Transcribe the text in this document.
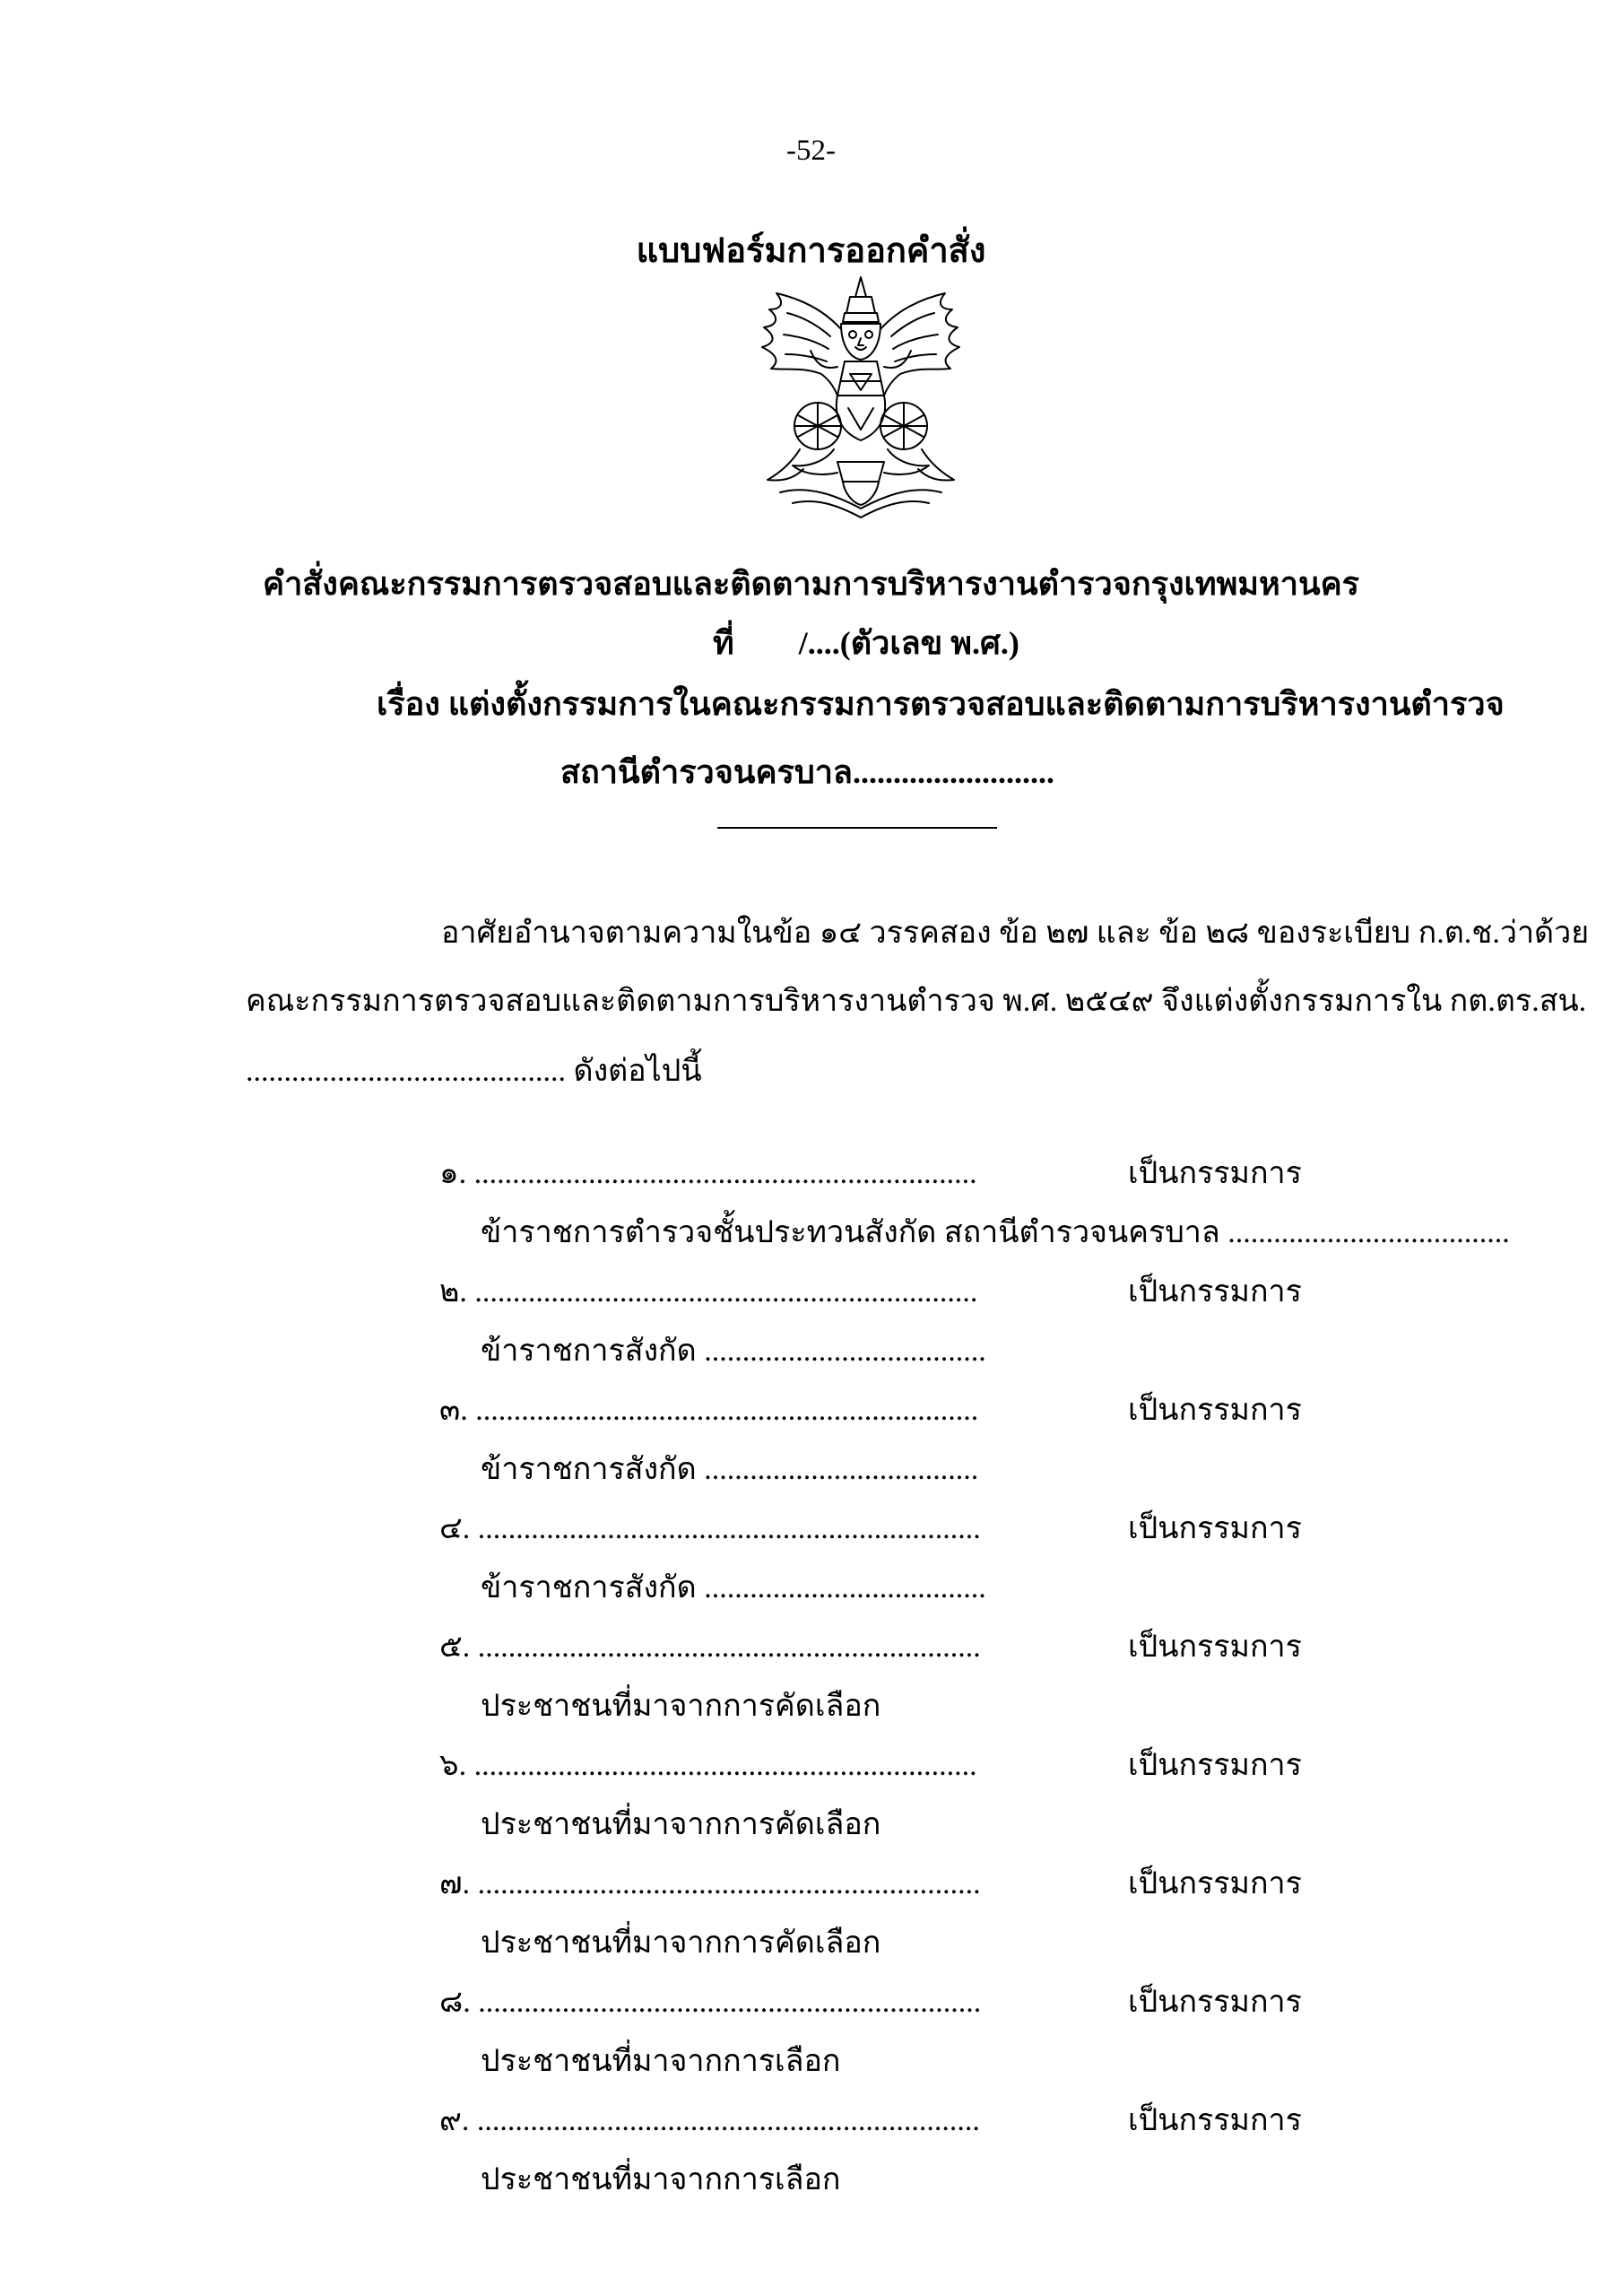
-52-
แบบฟอร์มการออกคำสั่ง
คำสั่งคณะกรรมการตรวจสอบและติดตามการบริหารงานตำรวจกรุงเทพมหานคร
ที่ /....(ตัวเลข พ.ศ.)
เรื่อง แต่งตั้งกรรมการในคณะกรรมการตรวจสอบและติดตามการบริหารงานตำรวจ
สถานีตำรวจนครบาล.........................
อาศัยอำนาจตามความในข้อ ๑๔ วรรคสอง ข้อ ๒๗ และ ข้อ ๒๘ ของระเบียบ ก.ต.ช.ว่าด้วย
คณะกรรมการตรวจสอบและติดตามการบริหารงานตำรวจ พ.ศ. ๒๕๔๙ จึงแต่งตั้งกรรมการใน กต.ตร.สน.
.......................................... ดังต่อไปนี้
๑. ..................................................................	เป็นกรรมการ
ข้าราชการตำรวจชั้นประทวนสังกัด สถานีตำรวจนครบาล .....................................
๒. ..................................................................	เป็นกรรมการ
ข้าราชการสังกัด .....................................
๓. ..................................................................	เป็นกรรมการ
ข้าราชการสังกัด ....................................
๔. ..................................................................	เป็นกรรมการ
ข้าราชการสังกัด .....................................
๕. ..................................................................	เป็นกรรมการ
ประชาชนที่มาจากการคัดเลือก
๖. ..................................................................	เป็นกรรมการ
ประชาชนที่มาจากการคัดเลือก
๗. ..................................................................	เป็นกรรมการ
ประชาชนที่มาจากการคัดเลือก
๘. ..................................................................	เป็นกรรมการ
ประชาชนที่มาจากการเลือก
๙. ..................................................................	เป็นกรรมการ
ประชาชนที่มาจากการเลือก
